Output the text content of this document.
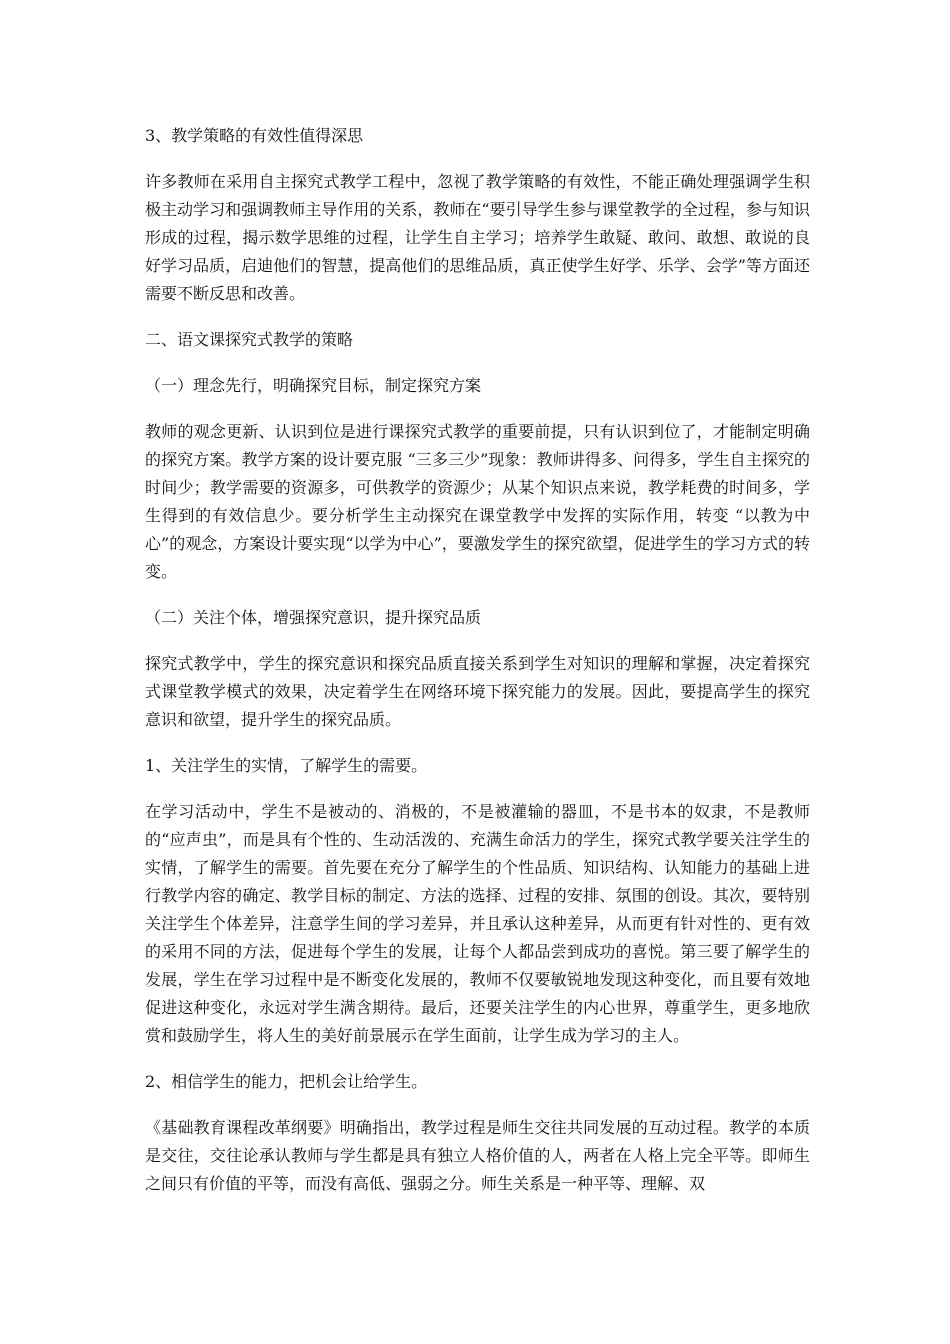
3、教学策略的有效性值得深思

许多教师在采用自主探究式教学工程中，忽视了教学策略的有效性，不能正确处理强调学生积极主动学习和强调教师主导作用的关系，教师在“要引导学生参与课堂教学的全过程，参与知识形成的过程，揭示数学思维的过程，让学生自主学习；培养学生敢疑、敢问、敢想、敢说的良好学习品质，启迪他们的智慧，提高他们的思维品质，真正使学生好学、乐学、会学”等方面还需要不断反思和改善。

二、语文课探究式教学的策略

（一）理念先行，明确探究目标，制定探究方案

教师的观念更新、认识到位是进行课探究式教学的重要前提，只有认识到位了，才能制定明确的探究方案。教学方案的设计要克服 “三多三少”现象：教师讲得多、问得多，学生自主探究的时间少；教学需要的资源多，可供教学的资源少；从某个知识点来说，教学耗费的时间多，学生得到的有效信息少。要分析学生主动探究在课堂教学中发挥的实际作用，转变 “以教为中心”的观念，方案设计要实现“以学为中心”，要激发学生的探究欲望，促进学生的学习方式的转变。

（二）关注个体，增强探究意识，提升探究品质

探究式教学中，学生的探究意识和探究品质直接关系到学生对知识的理解和掌握，决定着探究式课堂教学模式的效果，决定着学生在网络环境下探究能力的发展。因此，要提高学生的探究意识和欲望，提升学生的探究品质。

1、关注学生的实情，了解学生的需要。

在学习活动中，学生不是被动的、消极的，不是被灌输的器皿，不是书本的奴隶，不是教师的“应声虫”，而是具有个性的、生动活泼的、充满生命活力的学生，探究式教学要关注学生的实情，了解学生的需要。首先要在充分了解学生的个性品质、知识结构、认知能力的基础上进行教学内容的确定、教学目标的制定、方法的选择、过程的安排、氛围的创设。其次，要特别关注学生个体差异，注意学生间的学习差异，并且承认这种差异，从而更有针对性的、更有效的采用不同的方法，促进每个学生的发展，让每个人都品尝到成功的喜悦。第三要了解学生的发展，学生在学习过程中是不断变化发展的，教师不仅要敏锐地发现这种变化，而且要有效地促进这种变化，永远对学生满含期待。最后，还要关注学生的内心世界，尊重学生，更多地欣赏和鼓励学生，将人生的美好前景展示在学生面前，让学生成为学习的主人。

2、相信学生的能力，把机会让给学生。

《基础教育课程改革纲要》明确指出，教学过程是师生交往共同发展的互动过程。教学的本质是交往，交往论承认教师与学生都是具有独立人格价值的人，两者在人格上完全平等。即师生之间只有价值的平等，而没有高低、强弱之分。师生关系是一种平等、理解、双
